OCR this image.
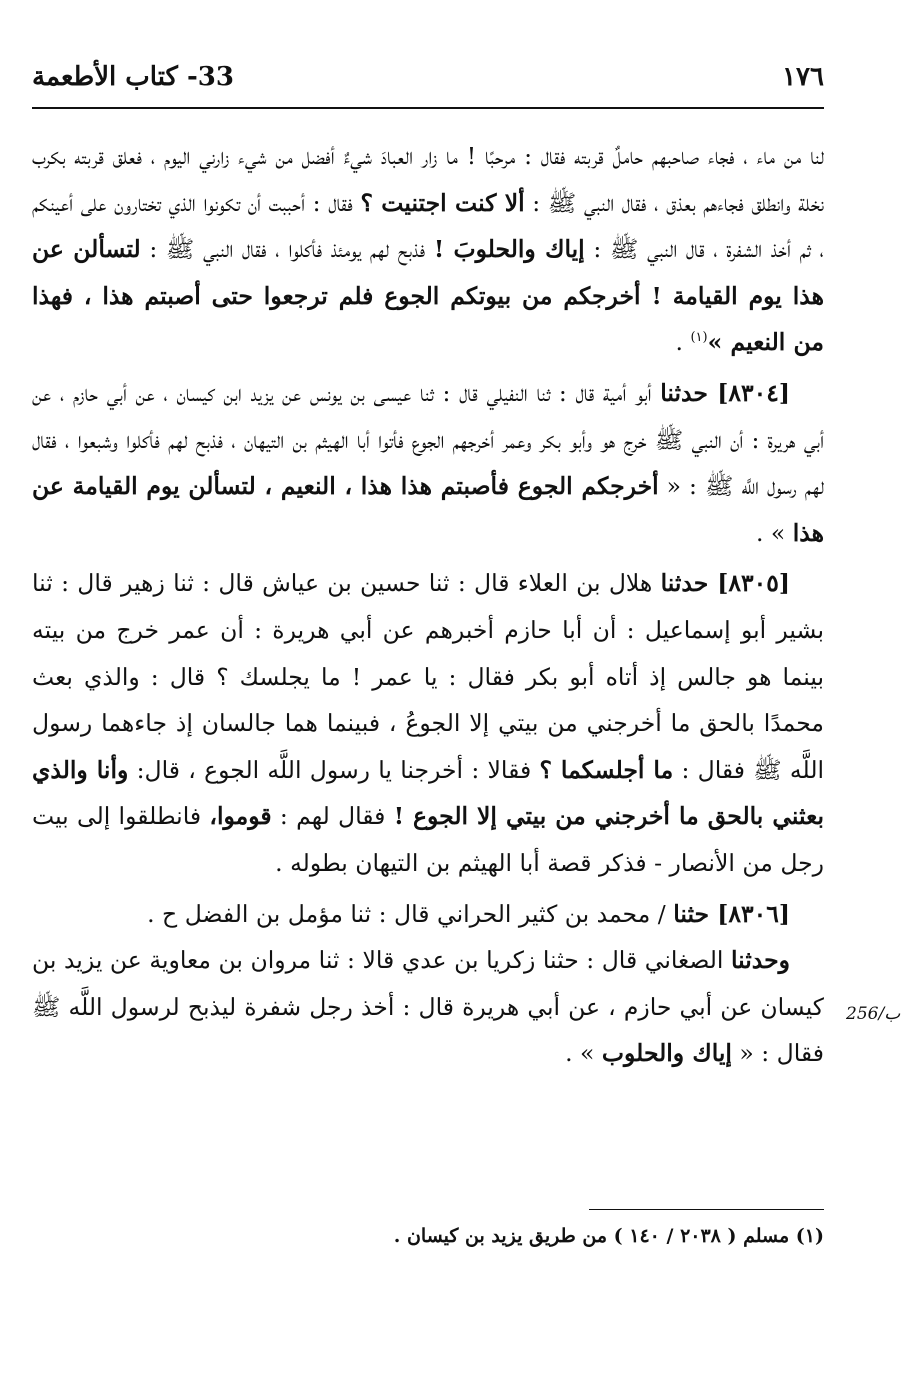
١٧٦
33- كتاب الأطعمة

لنا من ماء ، فجاء صاحبهم حاملٌ قربته فقال : مرحبًا ! ما زار العبادَ شيءٌ أفضل من شيء زارني اليوم ، فعلق قربته بكرب نخلة وانطلق فجاءهم بعذق ، فقال النبي ﷺ : ألا كنت اجتنيت ؟ فقال : أحببت أن تكونوا الذي تختارون على أعينكم ، ثم أخذ الشفرة ، قال النبي ﷺ : إياك والحلوبَ ! فذبح لهم يومئذ فأكلوا ، فقال النبي ﷺ : لتسألن عن هذا يوم القيامة ! أخرجكم من بيوتكم الجوع فلم ترجعوا حتى أصبتم هذا ، فهذا من النعيم »$^{(١)}$ .

[٨٣٠٤] حدثنا أبو أمية قال : ثنا النفيلي قال : ثنا عيسى بن يونس عن يزيد ابن كيسان ، عن أبي حازم ، عن أبي هريرة : أن النبي ﷺ خرج هو وأبو بكر وعمر أخرجهم الجوع فأتوا أبا الهيثم بن التيهان ، فذبح لهم فأكلوا وشبعوا ، فقال لهم رسول اللَّه ﷺ : « أخرجكم الجوع فأصبتم هذا هذا ، النعيم ، لتسألن يوم القيامة عن هذا » .

[٨٣٠٥] حدثنا هلال بن العلاء قال : ثنا حسين بن عياش قال : ثنا زهير قال : ثنا بشير أبو إسماعيل : أن أبا حازم أخبرهم عن أبي هريرة : أن عمر خرج من بيته بينما هو جالس إذ أتاه أبو بكر فقال : يا عمر ! ما يجلسك ؟ قال : والذي بعث محمدًا بالحق ما أخرجني من بيتي إلا الجوعُ ، فبينما هما جالسان إذ جاءهما رسول اللَّه ﷺ فقال : ما أجلسكما ؟ فقالا : أخرجنا يا رسول اللَّه الجوع ، قال: وأنا والذي بعثني بالحق ما أخرجني من بيتي إلا الجوع ! فقال لهم : قوموا، فانطلقوا إلى بيت رجل من الأنصار - فذكر قصة أبا الهيثم بن التيهان بطوله .

[٨٣٠٦] حثنا / محمد بن كثير الحراني قال : ثنا مؤمل بن الفضل ح .

وحدثنا الصغاني قال : حثنا زكريا بن عدي قالا : ثنا مروان بن معاوية عن يزيد بن كيسان عن أبي حازم ، عن أبي هريرة قال : أخذ رجل شفرة ليذبح لرسول اللَّه ﷺ فقال : « إياك والحلوب » .

256/ب
(١) مسلم ( ٢٠٣٨ / ١٤٠ ) من طريق يزيد بن كيسان .
